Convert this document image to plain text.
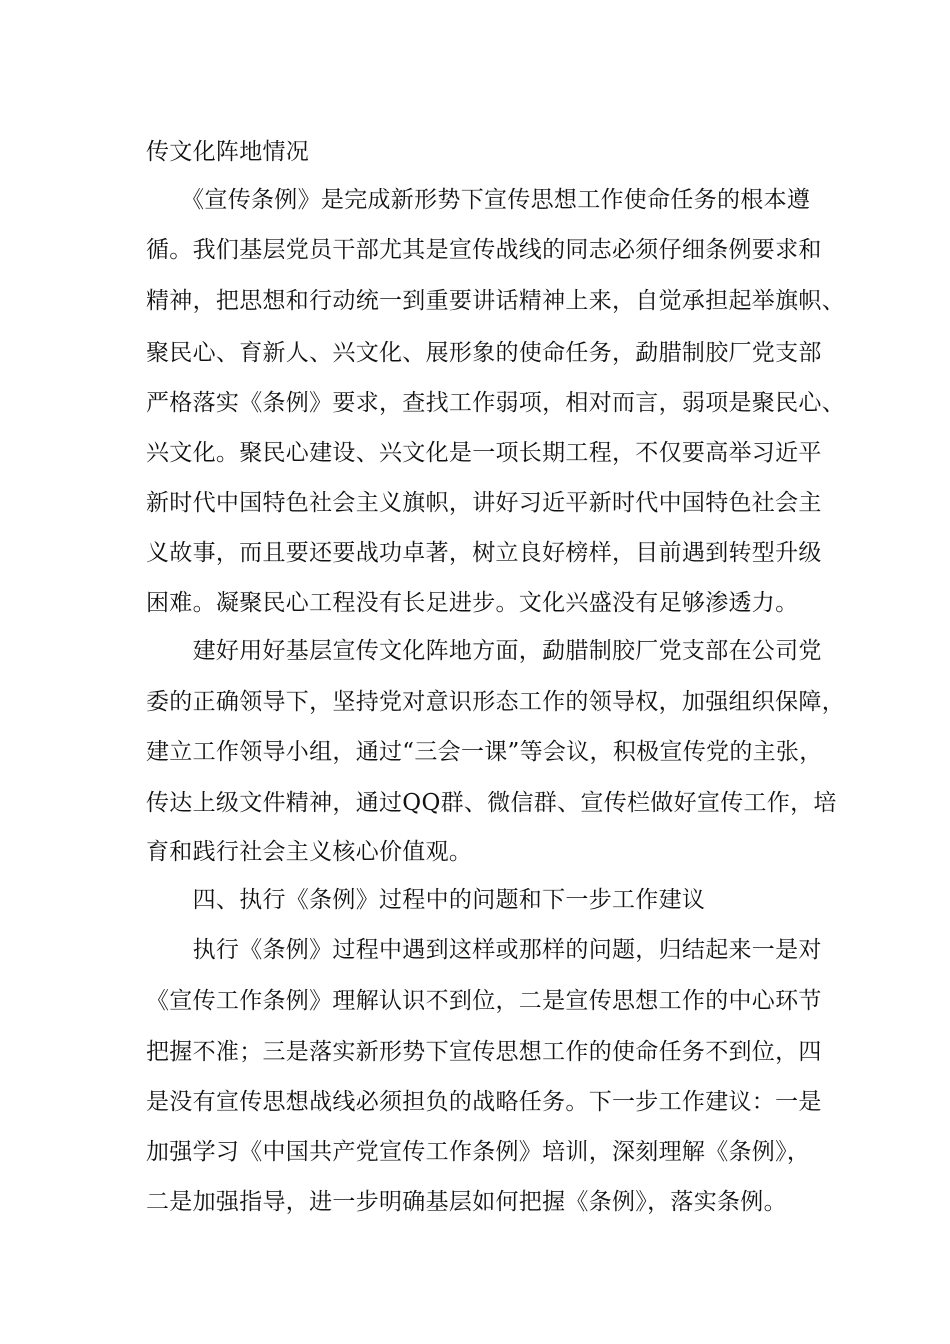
传文化阵地情况
　　《宣传条例》是完成新形势下宣传思想工作使命任务的根本遵
循。我们基层党员干部尤其是宣传战线的同志必须仔细条例要求和
精神，把思想和行动统一到重要讲话精神上来，自觉承担起举旗帜、
聚民心、育新人、兴文化、展形象的使命任务，勐腊制胶厂党支部
严格落实《条例》要求，查找工作弱项，相对而言，弱项是聚民心、
兴文化。聚民心建设、兴文化是一项长期工程，不仅要高举习近平
新时代中国特色社会主义旗帜，讲好习近平新时代中国特色社会主
义故事，而且要还要战功卓著，树立良好榜样，目前遇到转型升级
困难。凝聚民心工程没有长足进步。文化兴盛没有足够渗透力。
　　建好用好基层宣传文化阵地方面，勐腊制胶厂党支部在公司党
委的正确领导下，坚持党对意识形态工作的领导权，加强组织保障，
建立工作领导小组，通过“三会一课”等会议，积极宣传党的主张，
传达上级文件精神，通过QQ群、微信群、宣传栏做好宣传工作，培
育和践行社会主义核心价值观。
　　四、执行《条例》过程中的问题和下一步工作建议
　　执行《条例》过程中遇到这样或那样的问题，归结起来一是对
《宣传工作条例》理解认识不到位，二是宣传思想工作的中心环节
把握不准；三是落实新形势下宣传思想工作的使命任务不到位，四
是没有宣传思想战线必须担负的战略任务。下一步工作建议：一是
加强学习《中国共产党宣传工作条例》培训，深刻理解《条例》，
二是加强指导，进一步明确基层如何把握《条例》，落实条例。
